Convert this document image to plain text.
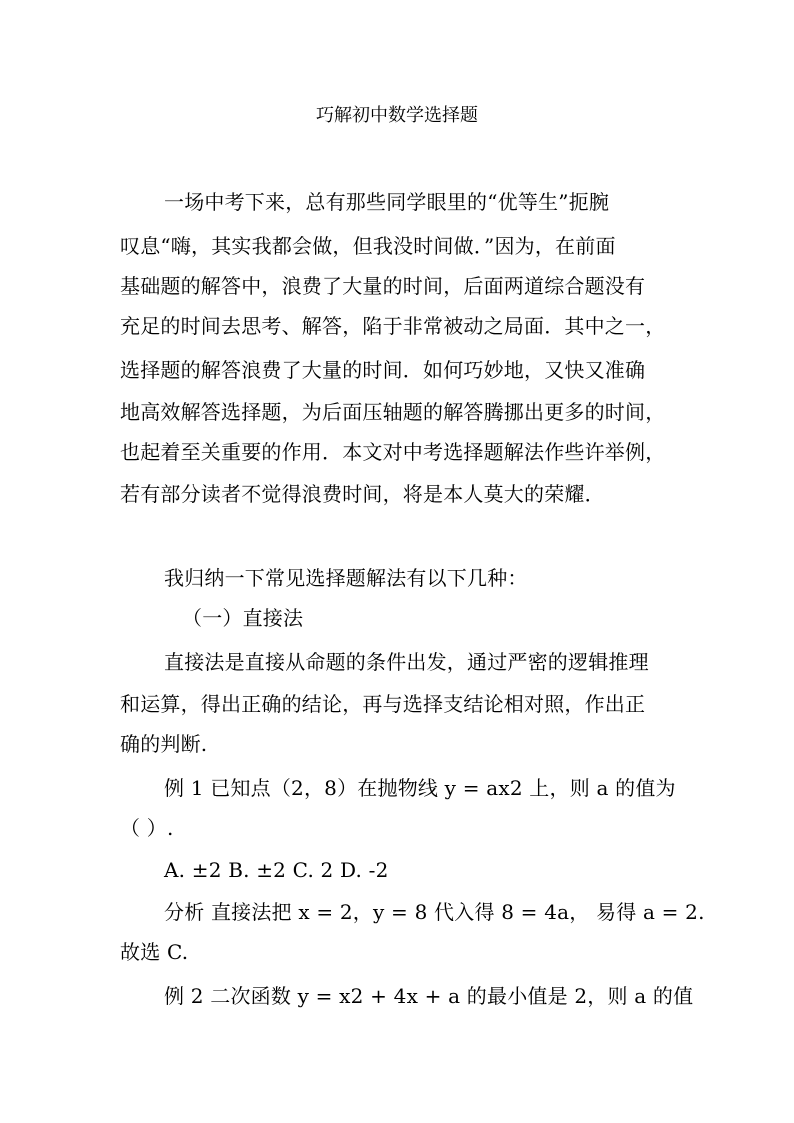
巧解初中数学选择题
一场中考下来，总有那些同学眼里的“优等生”扼腕
叹息“嗨，其实我都会做，但我没时间做．”因为，在前面
基础题的解答中，浪费了大量的时间，后面两道综合题没有
充足的时间去思考、解答，陷于非常被动之局面．其中之一，
选择题的解答浪费了大量的时间．如何巧妙地，又快又准确
地高效解答选择题，为后面压轴题的解答腾挪出更多的时间，
也起着至关重要的作用．本文对中考选择题解法作些许举例，
若有部分读者不觉得浪费时间，将是本人莫大的荣耀．
我归纳一下常见选择题解法有以下几种：
（一）直接法
直接法是直接从命题的条件出发，通过严密的逻辑推理
和运算，得出正确的结论，再与选择支结论相对照，作出正
确的判断.
例 1 已知点（2，8）在抛物线 y = ax2 上，则 a 的值为
（ ）.
A. ±2 B. ±2 C. 2 D. -2
分析 直接法把 x = 2，y = 8 代入得 8 = 4a， 易得 a = 2.
故选 C.
例 2 二次函数 y = x2 + 4x + a 的最小值是 2，则 a 的值
